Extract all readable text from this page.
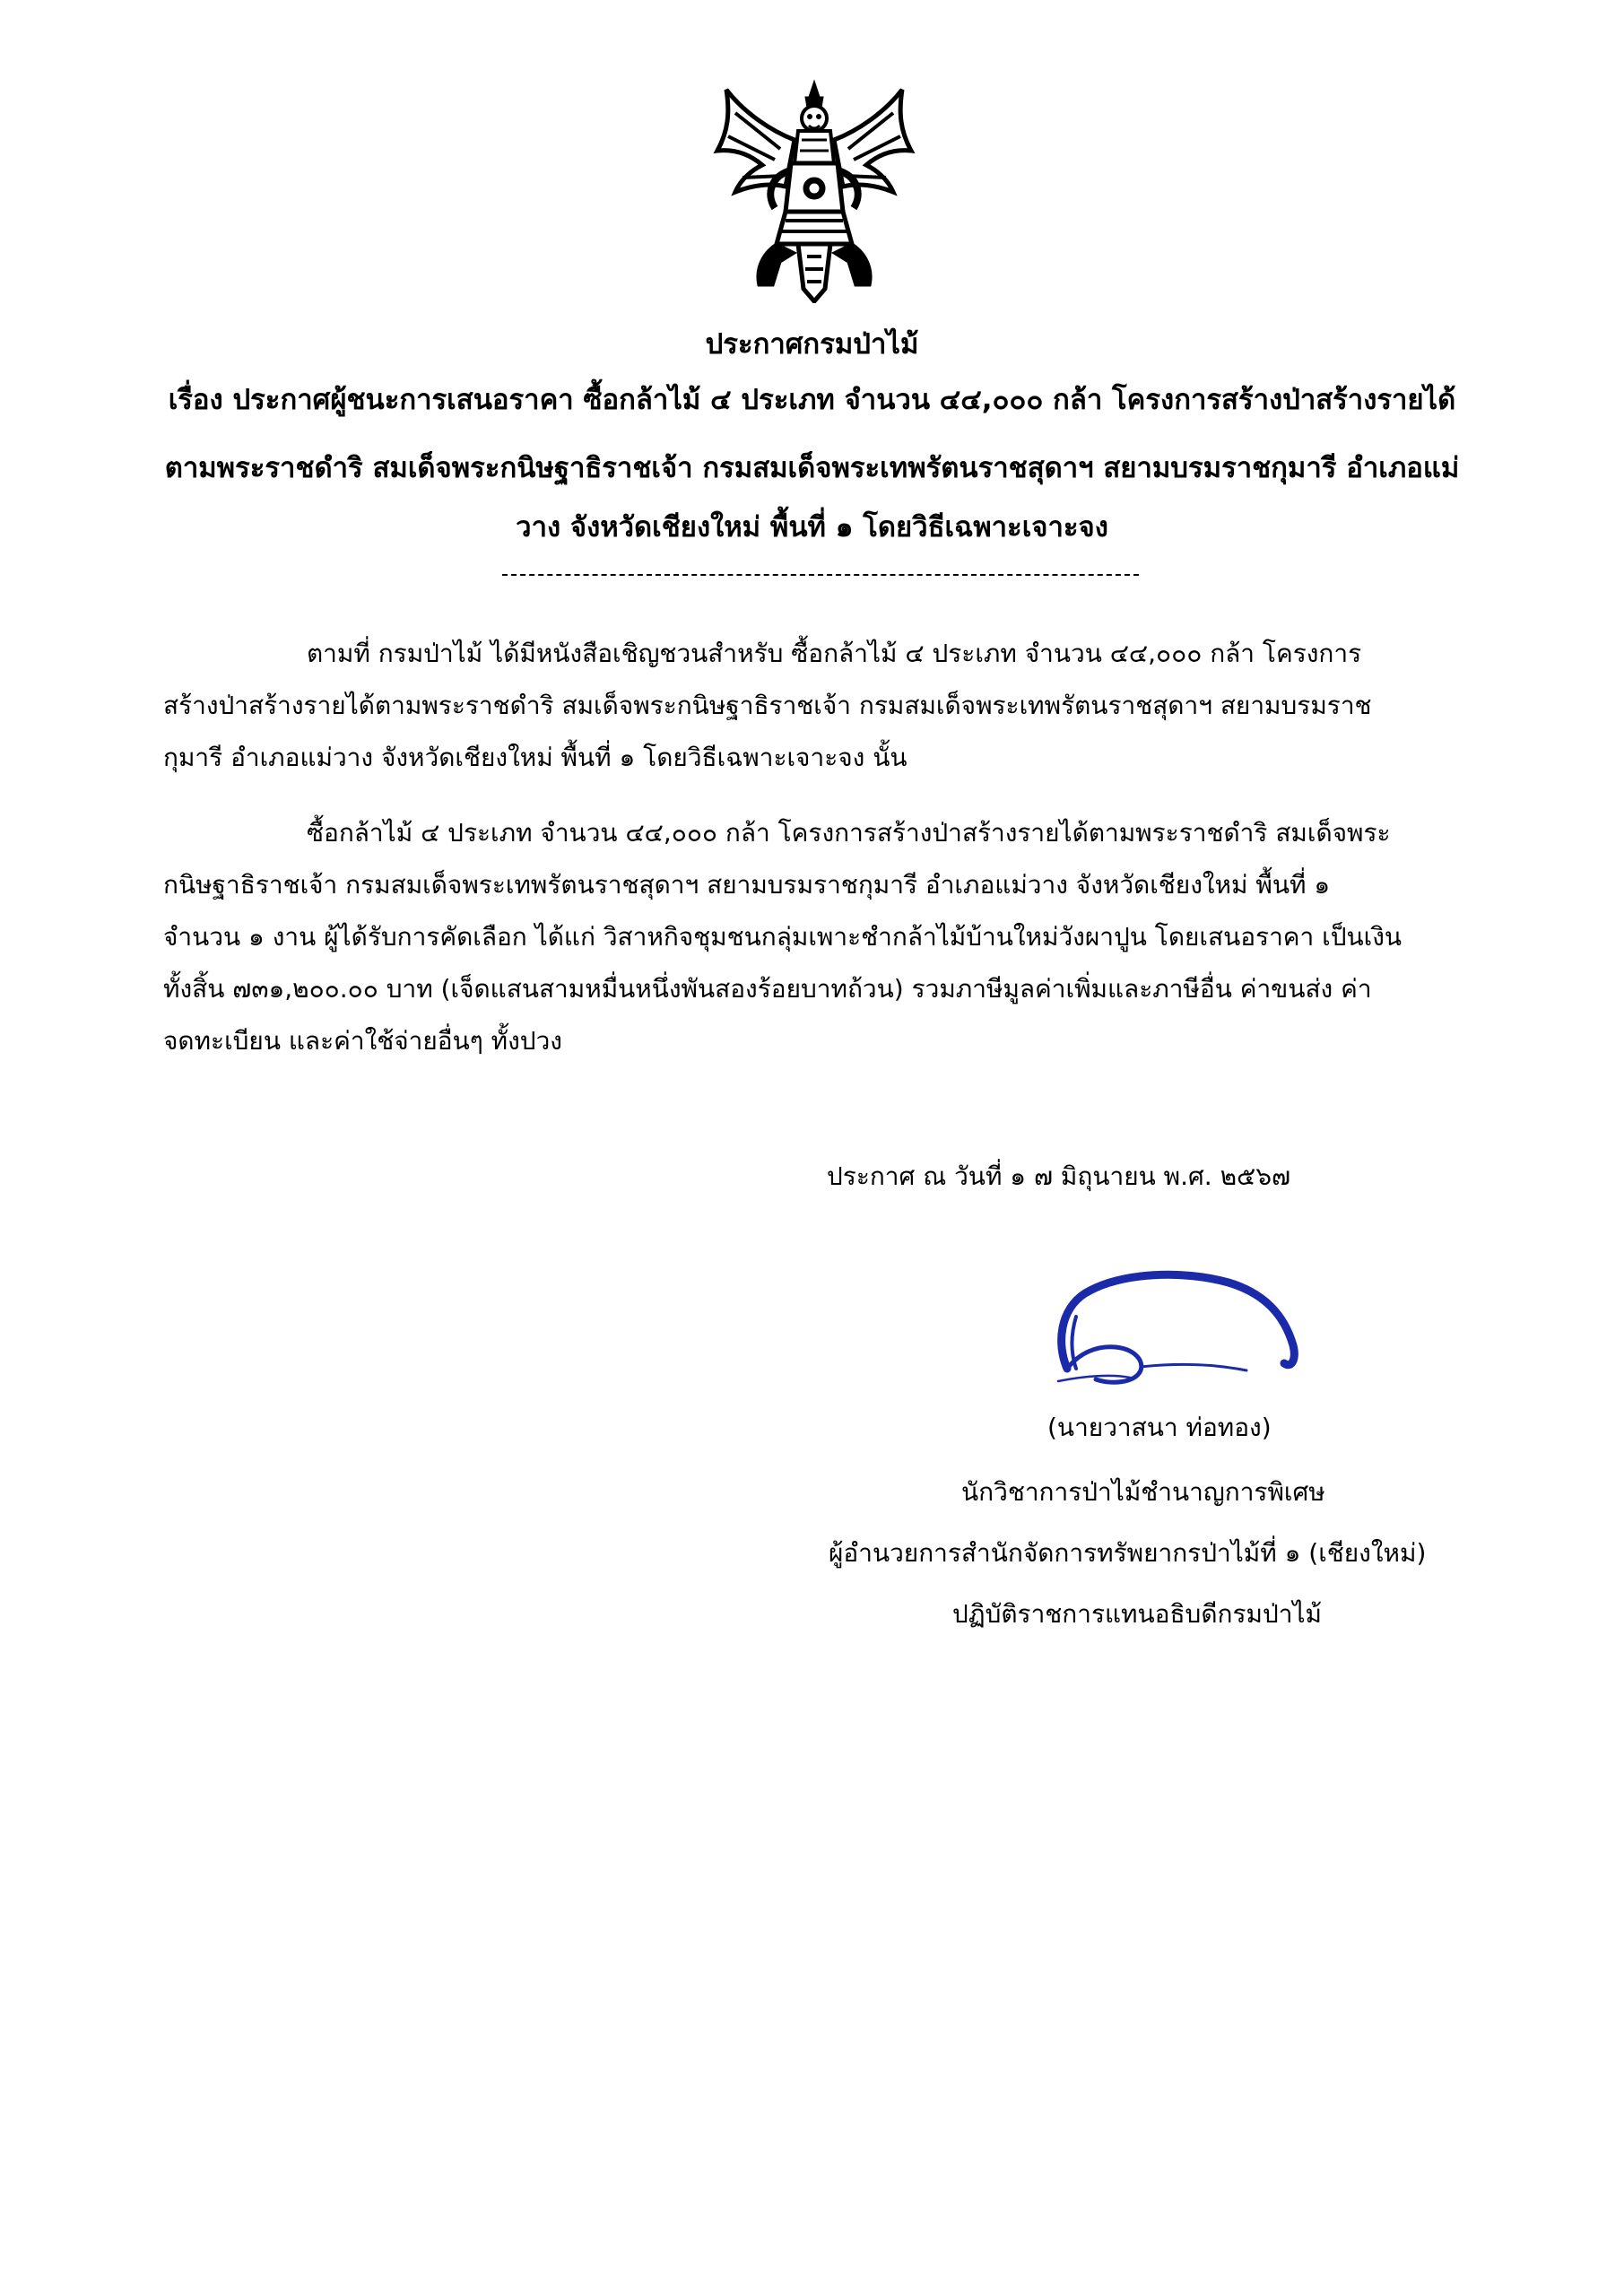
ประกาศกรมป่าไม้
เรื่อง ประกาศผู้ชนะการเสนอราคา ซื้อกล้าไม้ ๔ ประเภท จำนวน ๔๔,๐๐๐ กล้า โครงการสร้างป่าสร้างรายได้
ตามพระราชดำริ สมเด็จพระกนิษฐาธิราชเจ้า กรมสมเด็จพระเทพรัตนราชสุดาฯ สยามบรมราชกุมารี อำเภอแม่
วาง จังหวัดเชียงใหม่ พื้นที่ ๑ โดยวิธีเฉพาะเจาะจง
ตามที่ กรมป่าไม้ ได้มีหนังสือเชิญชวนสำหรับ ซื้อกล้าไม้ ๔ ประเภท จำนวน ๔๔,๐๐๐ กล้า โครงการ
สร้างป่าสร้างรายได้ตามพระราชดำริ สมเด็จพระกนิษฐาธิราชเจ้า กรมสมเด็จพระเทพรัตนราชสุดาฯ สยามบรมราช
กุมารี อำเภอแม่วาง จังหวัดเชียงใหม่ พื้นที่ ๑ โดยวิธีเฉพาะเจาะจง นั้น
ซื้อกล้าไม้ ๔ ประเภท จำนวน ๔๔,๐๐๐ กล้า โครงการสร้างป่าสร้างรายได้ตามพระราชดำริ สมเด็จพระ
กนิษฐาธิราชเจ้า กรมสมเด็จพระเทพรัตนราชสุดาฯ สยามบรมราชกุมารี อำเภอแม่วาง จังหวัดเชียงใหม่ พื้นที่ ๑
จำนวน ๑ งาน ผู้ได้รับการคัดเลือก ได้แก่ วิสาหกิจชุมชนกลุ่มเพาะชำกล้าไม้บ้านใหม่วังผาปูน โดยเสนอราคา เป็นเงิน
ทั้งสิ้น ๗๓๑,๒๐๐.๐๐ บาท (เจ็ดแสนสามหมื่นหนึ่งพันสองร้อยบาทถ้วน) รวมภาษีมูลค่าเพิ่มและภาษีอื่น ค่าขนส่ง ค่า
จดทะเบียน และค่าใช้จ่ายอื่นๆ ทั้งปวง
ประกาศ ณ วันที่ ๑ ๗ มิถุนายน พ.ศ. ๒๕๖๗
(นายวาสนา ท่อทอง)
นักวิชาการป่าไม้ชำนาญการพิเศษ
ผู้อำนวยการสำนักจัดการทรัพยากรป่าไม้ที่ ๑ (เชียงใหม่)
ปฏิบัติราชการแทนอธิบดีกรมป่าไม้
